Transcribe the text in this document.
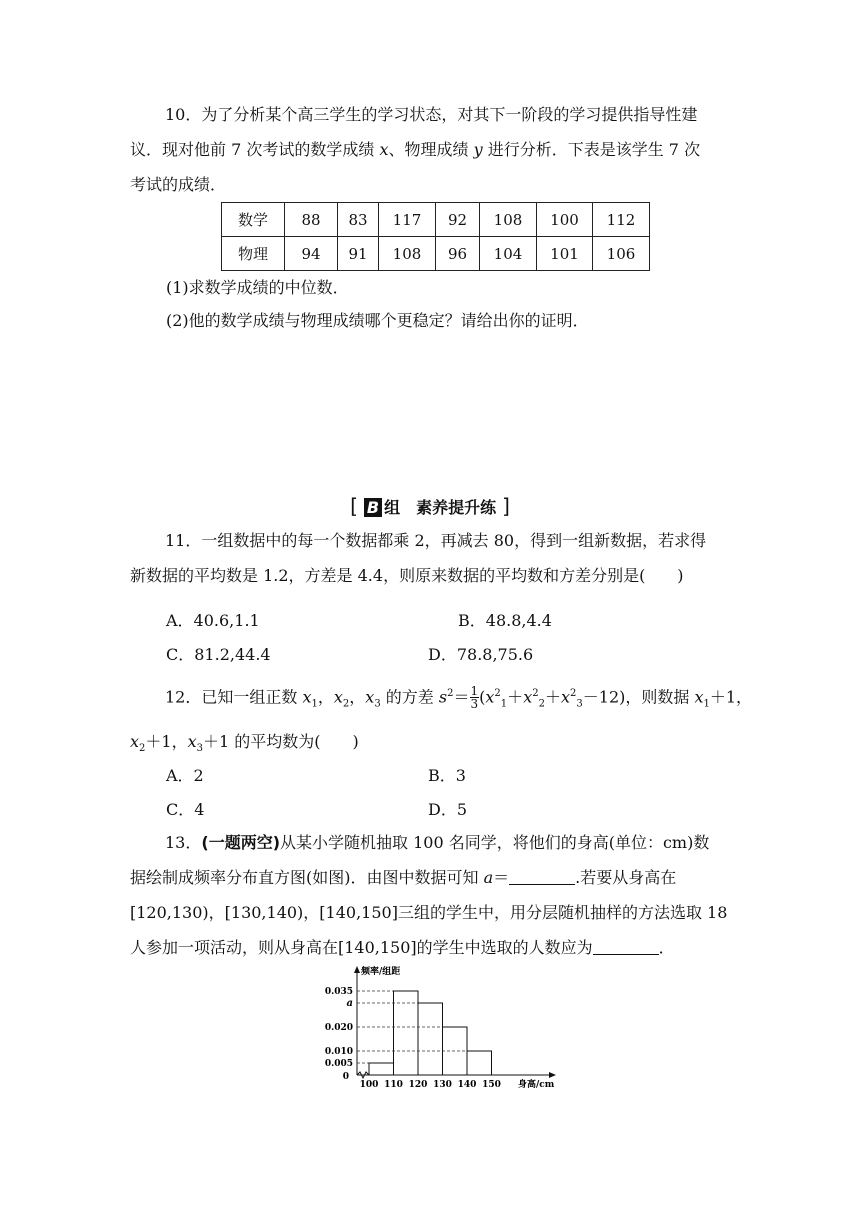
10．为了分析某个高三学生的学习状态，对其下一阶段的学习提供指导性建
议．现对他前 7 次考试的数学成绩 x、物理成绩 y 进行分析．下表是该学生 7 次
考试的成绩．
数学	88	83	117	92	108	100	112
物理	94	91	108	96	104	101	106
(1)求数学成绩的中位数．
(2)他的数学成绩与物理成绩哪个更稳定？请给出你的证明．
[ B 组　素养提升练 ]
11．一组数据中的每一个数据都乘 2，再减去 80，得到一组新数据，若求得
新数据的平均数是 1.2，方差是 4.4，则原来数据的平均数和方差分别是(　　)
A．40.6,1.1	B．48.8,4.4
C．81.2,44.4	D．78.8,75.6
12．已知一组正数 $x_1$，$x_2$，$x_3$ 的方差 $s^2= \frac{1}{3} (x^2_1+x^2_2+x^2_3-12)$，则数据 $x_1+1$，
$x_2+1$，$x_3+1$ 的平均数为(　　)
A．2	B．3
C．4	D．5
13．(一题两空)从某小学随机抽取 100 名同学，将他们的身高(单位：cm)数
据绘制成频率分布直方图(如图)．由图中数据可知 a＝	.若要从身高在
[120,130)，[130,140)，[140,150]三组的学生中，用分层随机抽样的方法选取 18
人参加一项活动，则从身高在[140,150]的学生中选取的人数应为	．
0.005
0.010
0.020
a
0.035
0
100 110 120 130 140 150 身高/cm
频率/组距
